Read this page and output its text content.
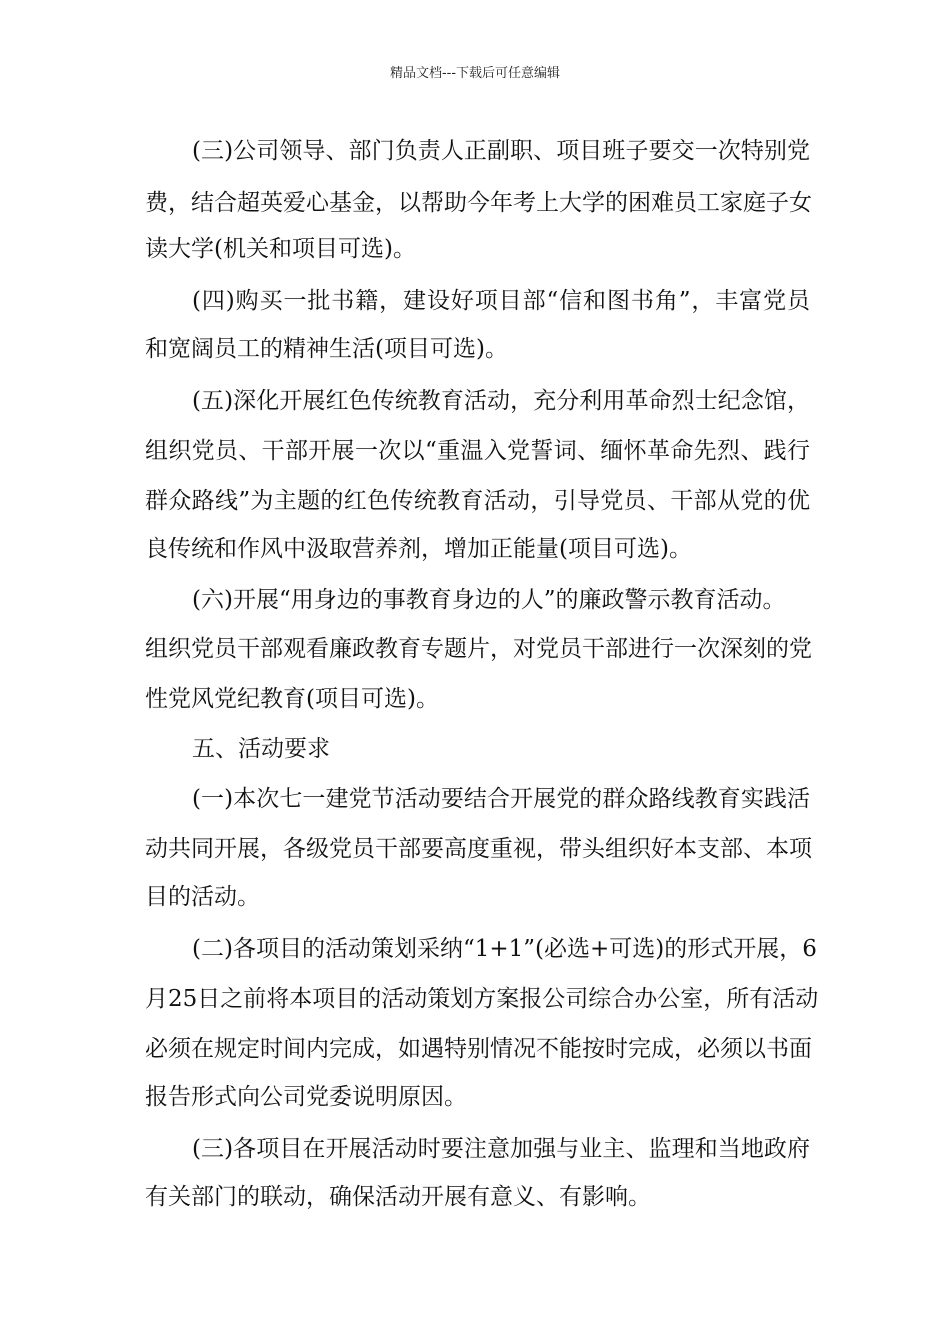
精品文档---下载后可任意编辑
(三)公司领导、部门负责人正副职、项目班子要交一次特别党
费，结合超英爱心基金，以帮助今年考上大学的困难员工家庭子女
读大学(机关和项目可选)。
(四)购买一批书籍，建设好项目部“信和图书角”，丰富党员
和宽阔员工的精神生活(项目可选)。
(五)深化开展红色传统教育活动，充分利用革命烈士纪念馆，
组织党员、干部开展一次以“重温入党誓词、缅怀革命先烈、践行
群众路线”为主题的红色传统教育活动，引导党员、干部从党的优
良传统和作风中汲取营养剂，增加正能量(项目可选)。
(六)开展“用身边的事教育身边的人”的廉政警示教育活动。
组织党员干部观看廉政教育专题片，对党员干部进行一次深刻的党
性党风党纪教育(项目可选)。
五、活动要求
(一)本次七一建党节活动要结合开展党的群众路线教育实践活
动共同开展，各级党员干部要高度重视，带头组织好本支部、本项
目的活动。
(二)各项目的活动策划采纳“1+1”(必选+可选)的形式开展，6
月25日之前将本项目的活动策划方案报公司综合办公室，所有活动
必须在规定时间内完成，如遇特别情况不能按时完成，必须以书面
报告形式向公司党委说明原因。
(三)各项目在开展活动时要注意加强与业主、监理和当地政府
有关部门的联动，确保活动开展有意义、有影响。
